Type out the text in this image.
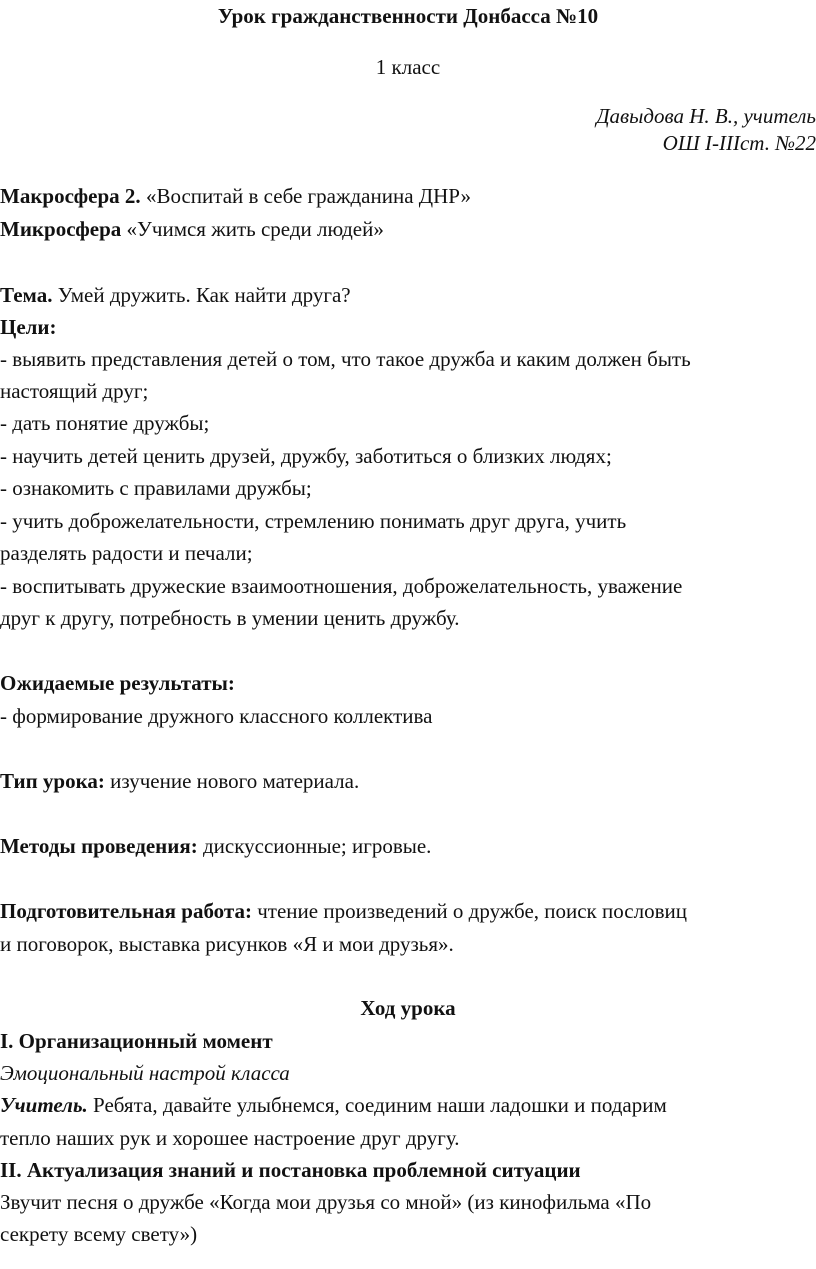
Урок гражданственности Донбасса №10
1 класс
Давыдова Н. В., учитель
ОШ I-IIIст. №22
Макросфера 2. «Воспитай в себе гражданина ДНР»
Микросфера «Учимся жить среди людей»
Тема. Умей дружить. Как найти друга?
Цели:
- выявить представления детей о том, что такое дружба и каким должен быть
настоящий друг;
- дать понятие дружбы;
- научить детей ценить друзей, дружбу, заботиться о близких людях;
- ознакомить с правилами дружбы;
- учить доброжелательности, стремлению понимать друг друга, учить
разделять радости и печали;
- воспитывать дружеские взаимоотношения, доброжелательность, уважение
друг к другу, потребность в умении ценить дружбу.
Ожидаемые результаты:
- формирование дружного классного коллектива
Тип урока: изучение нового материала.
Методы проведения: дискуссионные; игровые.
Подготовительная работа: чтение произведений о дружбе, поиск пословиц
и поговорок, выставка рисунков «Я и мои друзья».
Ход урока
I. Организационный момент
Эмоциональный настрой класса
Учитель. Ребята, давайте улыбнемся, соединим наши ладошки и подарим
тепло наших рук и хорошее настроение друг другу.
II. Актуализация знаний и постановка проблемной ситуации
Звучит песня о дружбе «Когда мои друзья со мной» (из кинофильма «По
секрету всему свету»)
